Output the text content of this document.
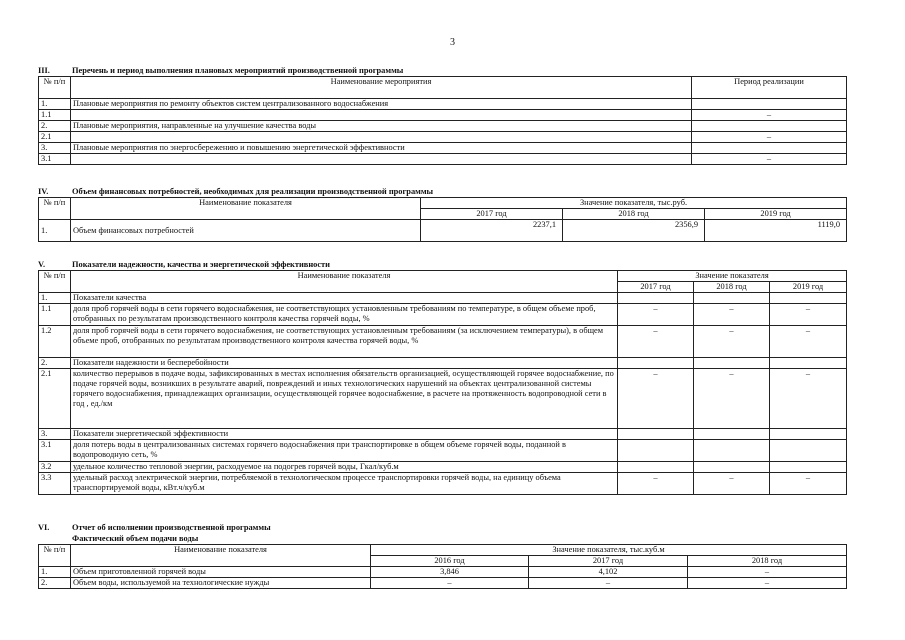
3
III.	Перечень и период выполнения плановых мероприятий производственной программы
№ п/п	Наименование мероприятия	Период реализации
1.	Плановые мероприятия по ремонту объектов систем централизованного водоснабжения	
1.1		–
2.	Плановые мероприятия, направленные на улучшение качества воды	
2.1		–
3.	Плановые мероприятия по энергосбережению и повышению энергетической эффективности	
3.1		–
IV.	Объем финансовых потребностей, необходимых для реализации производственной программы
№ п/п	Наименование показателя	Значение показателя, тыс.руб.		
		2017 год	2018 год	2019 год
1.	Объем финансовых потребностей	2237,1	2356,9	1119,0
V.	Показатели надежности, качества и энергетической эффективности
№ п/п	Наименование показателя	Значение показателя		
		2017 год	2018 год	2019 год
1.	Показатели качества			
1.1	доля проб горячей воды в сети горячего водоснабжения, не соответствующих установленным требованиям по температуре, в общем объеме проб, отобранных по результатам производственного контроля качества горячей воды, %	–	–	–
1.2	доля проб горячей воды в сети горячего водоснабжения, не соответствующих установленным требованиям (за исключением температуры), в общем объеме проб, отобранных по результатам производственного контроля качества горячей воды, %	–	–	–
2.	Показатели надежности и бесперебойности			
2.1	количество перерывов в подаче воды, зафиксированных в местах исполнения обязательств организацией, осуществляющей горячее водоснабжение, по подаче горячей воды, возникших в результате аварий, повреждений и иных технологических нарушений на объектах централизованной системы горячего водоснабжения, принадлежащих организации, осуществляющей горячее водоснабжение, в расчете на протяженность водопроводной сети в год , ед./км	–	–	–
3.	Показатели энергетической эффективности			
3.1	доля потерь воды в централизованных системах горячего водоснабжения при транспортировке в общем объеме горячей воды, поданной в водопроводную сеть, %			
3.2	удельное количество тепловой энергии, расходуемое на подогрев горячей воды, Гкал/куб.м			
3.3	удельный расход электрической энергии, потребляемой в технологическом процессе транспортировки горячей воды, на единицу объема транспортируемой воды, кВт.ч/куб.м	–	–	–
VI.	Отчет об исполнении производственной программы
Фактический объем подачи воды
№ п/п	Наименование показателя	Значение показателя, тыс.куб.м		
		2016 год	2017 год	2018 год
1.	Объем приготовленной горячей воды	3,846	4,102	–
2.	Объем воды, используемой на технологические нужды	–	–	–
